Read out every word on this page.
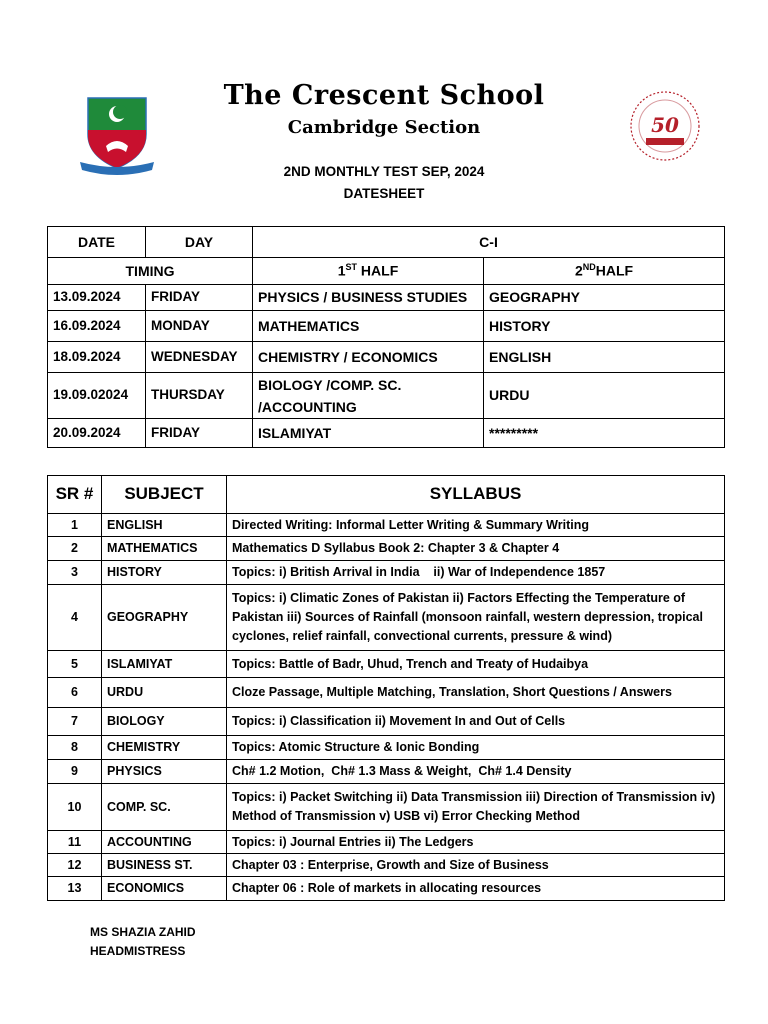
50
The Crescent School
Cambridge Section
2ND MONTHLY TEST SEP, 2024
DATESHEET
DATE	DAY	C-I	
TIMING		1ST HALF	2NDHALF
13.09.2024	FRIDAY	PHYSICS / BUSINESS STUDIES	GEOGRAPHY
16.09.2024	MONDAY	MATHEMATICS	HISTORY
18.09.2024	WEDNESDAY	CHEMISTRY / ECONOMICS	ENGLISH
19.09.02024	THURSDAY	BIOLOGY /COMP. SC. /ACCOUNTING	URDU
20.09.2024	FRIDAY	ISLAMIYAT	*********
SR #	SUBJECT	SYLLABUS
1	ENGLISH	Directed Writing: Informal Letter Writing & Summary Writing
2	MATHEMATICS	Mathematics D Syllabus Book 2: Chapter 3 & Chapter 4
3	HISTORY	Topics: i) British Arrival in India    ii) War of Independence 1857
4	GEOGRAPHY	Topics: i) Climatic Zones of Pakistan ii) Factors Effecting the Temperature of Pakistan iii) Sources of Rainfall (monsoon rainfall, western depression, tropical cyclones, relief rainfall, convectional currents, pressure & wind)
5	ISLAMIYAT	Topics: Battle of Badr, Uhud, Trench and Treaty of Hudaibya
6	URDU	Cloze Passage, Multiple Matching, Translation, Short Questions / Answers
7	BIOLOGY	Topics: i) Classification ii) Movement In and Out of Cells
8	CHEMISTRY	Topics: Atomic Structure & Ionic Bonding
9	PHYSICS	Ch# 1.2 Motion,  Ch# 1.3 Mass & Weight,  Ch# 1.4 Density
10	COMP. SC.	Topics: i) Packet Switching ii) Data Transmission iii) Direction of Transmission iv) Method of Transmission v) USB vi) Error Checking Method
11	ACCOUNTING	Topics: i) Journal Entries ii) The Ledgers
12	BUSINESS ST.	Chapter 03 : Enterprise, Growth and Size of Business
13	ECONOMICS	Chapter 06 : Role of markets in allocating resources
MS SHAZIA ZAHID
HEADMISTRESS
